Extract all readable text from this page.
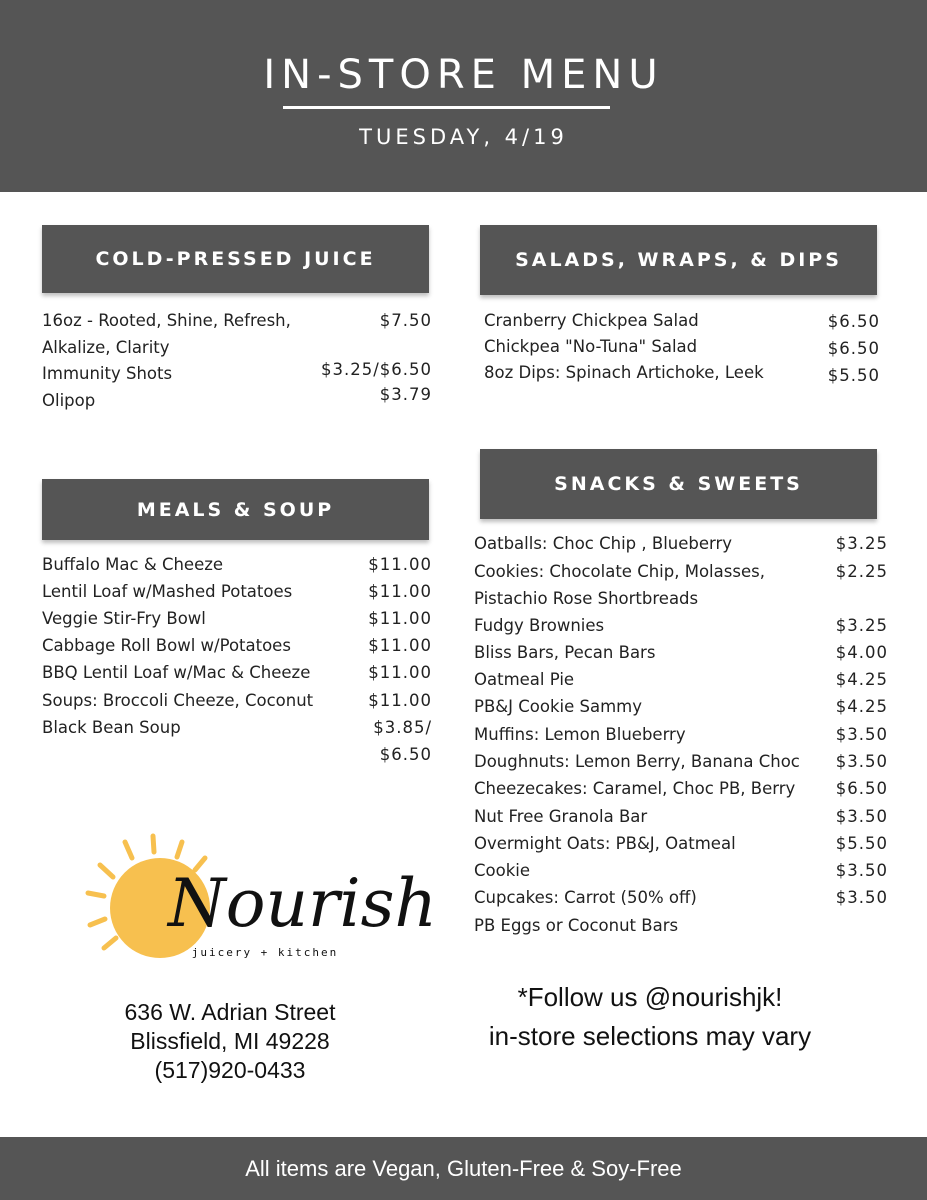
IN-STORE MENU
TUESDAY, 4/19
COLD-PRESSED JUICE
16oz - Rooted, Shine, Refresh,	$7.50
Alkalize, Clarity
Immunity Shots	$3.25/$6.50
Olipop	$3.79
MEALS & SOUP
Buffalo Mac & Cheeze	$11.00
Lentil Loaf w/Mashed Potatoes	$11.00
Veggie Stir-Fry Bowl	$11.00
Cabbage Roll Bowl w/Potatoes	$11.00
BBQ Lentil Loaf w/Mac & Cheeze	$11.00
Soups: Broccoli Cheeze, Coconut	$11.00
Black Bean Soup	$3.85/
$6.50
SALADS, WRAPS, & DIPS
Cranberry Chickpea Salad	$6.50
Chickpea "No-Tuna" Salad	$6.50
8oz Dips: Spinach Artichoke, Leek	$5.50
SNACKS & SWEETS
Oatballs: Choc Chip , Blueberry	$3.25
Cookies: Chocolate Chip, Molasses,	$2.25
Pistachio Rose Shortbreads
Fudgy Brownies	$3.25
Bliss Bars, Pecan Bars	$4.00
Oatmeal Pie	$4.25
PB&J Cookie Sammy	$4.25
Muffins: Lemon Blueberry	$3.50
Doughnuts: Lemon Berry, Banana Choc	$3.50
Cheezecakes: Caramel, Choc PB, Berry	$6.50
Nut Free Granola Bar	$3.50
Overmight Oats: PB&J, Oatmeal	$5.50
Cookie	$3.50
Cupcakes: Carrot (50% off)	$3.50
PB Eggs or Coconut Bars
Nourish
juicery + kitchen
636 W. Adrian Street
Blissfield, MI 49228
(517)920-0433
*Follow us @nourishjk!
in-store selections may vary
All items are Vegan, Gluten-Free & Soy-Free
